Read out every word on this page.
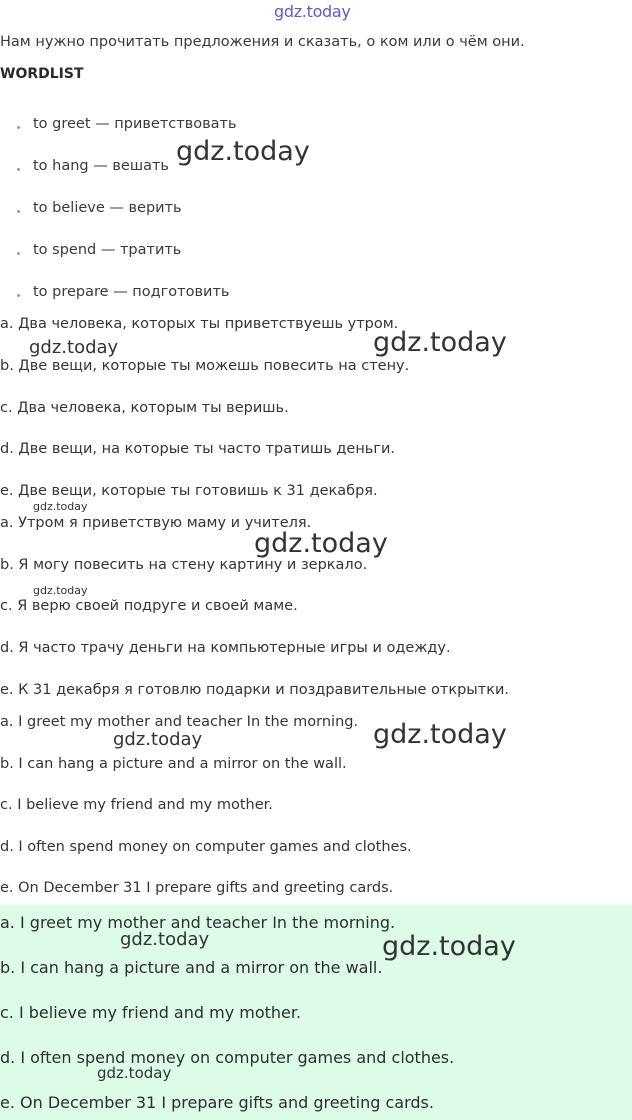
gdz.today
Нам нужно прочитать предложения и сказать, о ком или о чём они.
WORDLIST
to greet — приветствовать
to hang — вешать
to believe — верить
to spend — тратить
to prepare — подготовить
a. Два человека, которых ты приветствуешь утром.
b. Две вещи, которые ты можешь повесить на стену.
c. Два человека, которым ты веришь.
d. Две вещи, на которые ты часто тратишь деньги.
e. Две вещи, которые ты готовишь к 31 декабря.
a. Утром я приветствую маму и учителя.
b. Я могу повесить на стену картину и зеркало.
c. Я верю своей подруге и своей маме.
d. Я часто трачу деньги на компьютерные игры и одежду.
e. К 31 декабря я готовлю подарки и поздравительные открытки.
a. I greet my mother and teacher In the morning.
b. I can hang a picture and a mirror on the wall.
c. I believe my friend and my mother.
d. I often spend money on computer games and clothes.
e. On December 31 I prepare gifts and greeting cards.
a. I greet my mother and teacher In the morning.
b. I can hang a picture and a mirror on the wall.
c. I believe my friend and my mother.
d. I often spend money on computer games and clothes.
e. On December 31 I prepare gifts and greeting cards.
gdz.today
gdz.today
gdz.today
gdz.today
gdz.today
gdz.today
gdz.today
gdz.today
gdz.today	gdz.today
gdz.today
